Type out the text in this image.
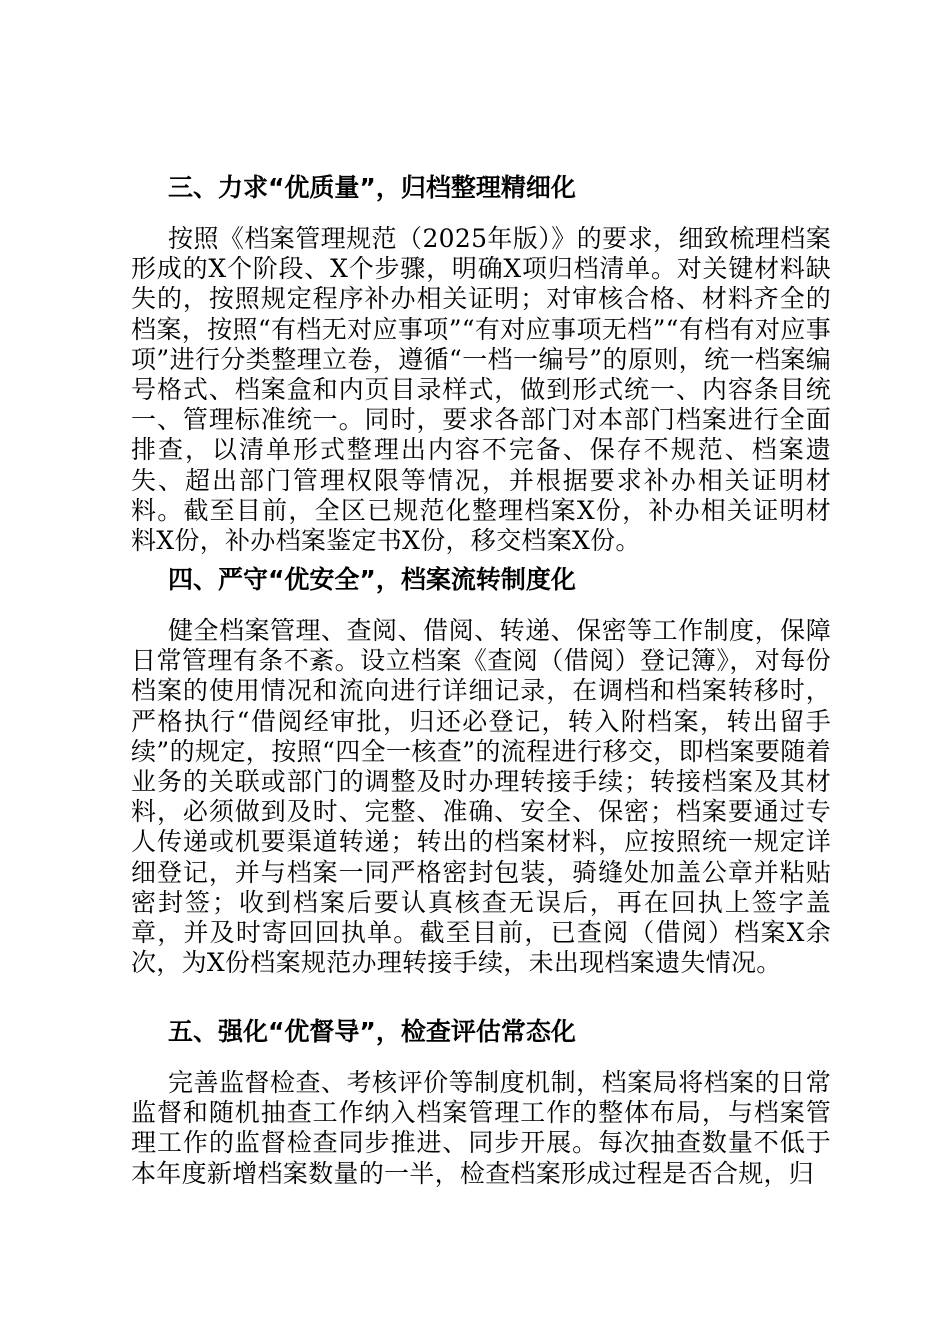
三、力求“优质量”，归档整理精细化
按照《档案管理规范（2025年版）》的要求，细致梳理档案形成的X个阶段、X个步骤，明确X项归档清单。对关键材料缺失的，按照规定程序补办相关证明；对审核合格、材料齐全的档案，按照“有档无对应事项”“有对应事项无档”“有档有对应事项”进行分类整理立卷，遵循“一档一编号”的原则，统一档案编号格式、档案盒和内页目录样式，做到形式统一、内容条目统一、管理标准统一。同时，要求各部门对本部门档案进行全面排查，以清单形式整理出内容不完备、保存不规范、档案遗失、超出部门管理权限等情况，并根据要求补办相关证明材料。截至目前，全区已规范化整理档案X份，补办相关证明材料X份，补办档案鉴定书X份，移交档案X份。
四、严守“优安全”，档案流转制度化
健全档案管理、查阅、借阅、转递、保密等工作制度，保障日常管理有条不紊。设立档案《查阅（借阅）登记簿》，对每份档案的使用情况和流向进行详细记录，在调档和档案转移时，严格执行“借阅经审批，归还必登记，转入附档案，转出留手续”的规定，按照“四全一核查”的流程进行移交，即档案要随着业务的关联或部门的调整及时办理转接手续；转接档案及其材料，必须做到及时、完整、准确、安全、保密；档案要通过专人传递或机要渠道转递；转出的档案材料，应按照统一规定详细登记，并与档案一同严格密封包装，骑缝处加盖公章并粘贴密封签；收到档案后要认真核查无误后，再在回执上签字盖章，并及时寄回回执单。截至目前，已查阅（借阅）档案X余次，为X份档案规范办理转接手续，未出现档案遗失情况。
五、强化“优督导”，检查评估常态化
完善监督检查、考核评价等制度机制，档案局将档案的日常监督和随机抽查工作纳入档案管理工作的整体布局，与档案管理工作的监督检查同步推进、同步开展。每次抽查数量不低于本年度新增档案数量的一半，检查档案形成过程是否合规，归
